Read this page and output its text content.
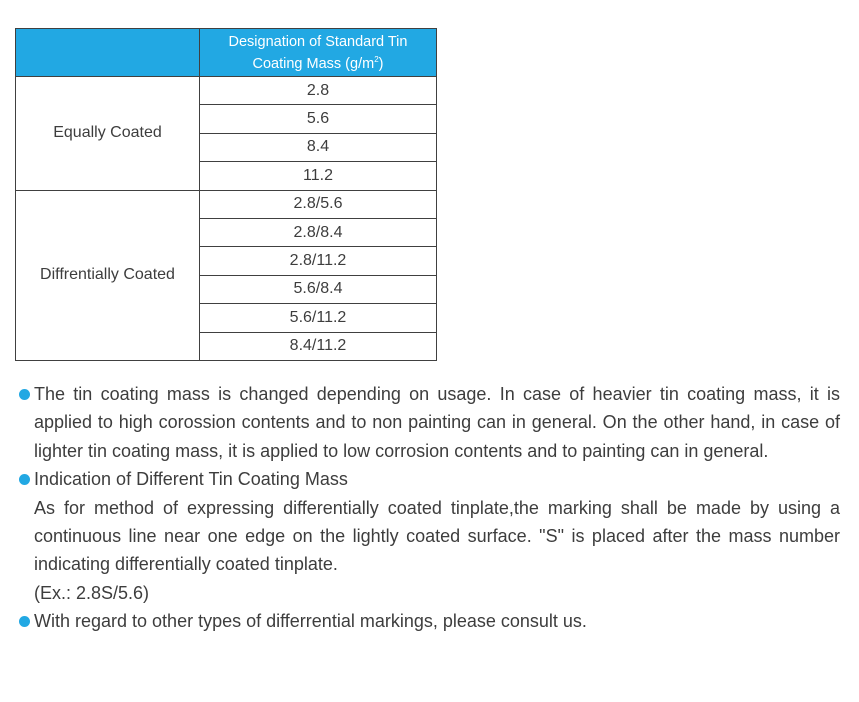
	Designation of Standard Tin
Coating Mass $(g/m^2)$
Equally Coated	2.8
	5.6
	8.4
	11.2
Diffrentially Coated	2.8/5.6
	2.8/8.4
	2.8/11.2
	5.6/8.4
	5.6/11.2
	8.4/11.2
The tin coating mass is changed depending on usage. In case of heavier tin coating mass, it is applied to high corossion contents and to non painting can in general. On the other hand, in case of lighter tin coating mass, it is applied to low corrosion contents and to painting can in general.
Indication of Different Tin Coating Mass
As for method of expressing differentially coated tinplate,the marking shall be made by using a continuous line near one edge on the lightly coated surface. "S" is placed after the mass number indicating differentially coated tinplate.
(Ex.: 2.8S/5.6)
With regard to other types of differrential markings, please consult us.
